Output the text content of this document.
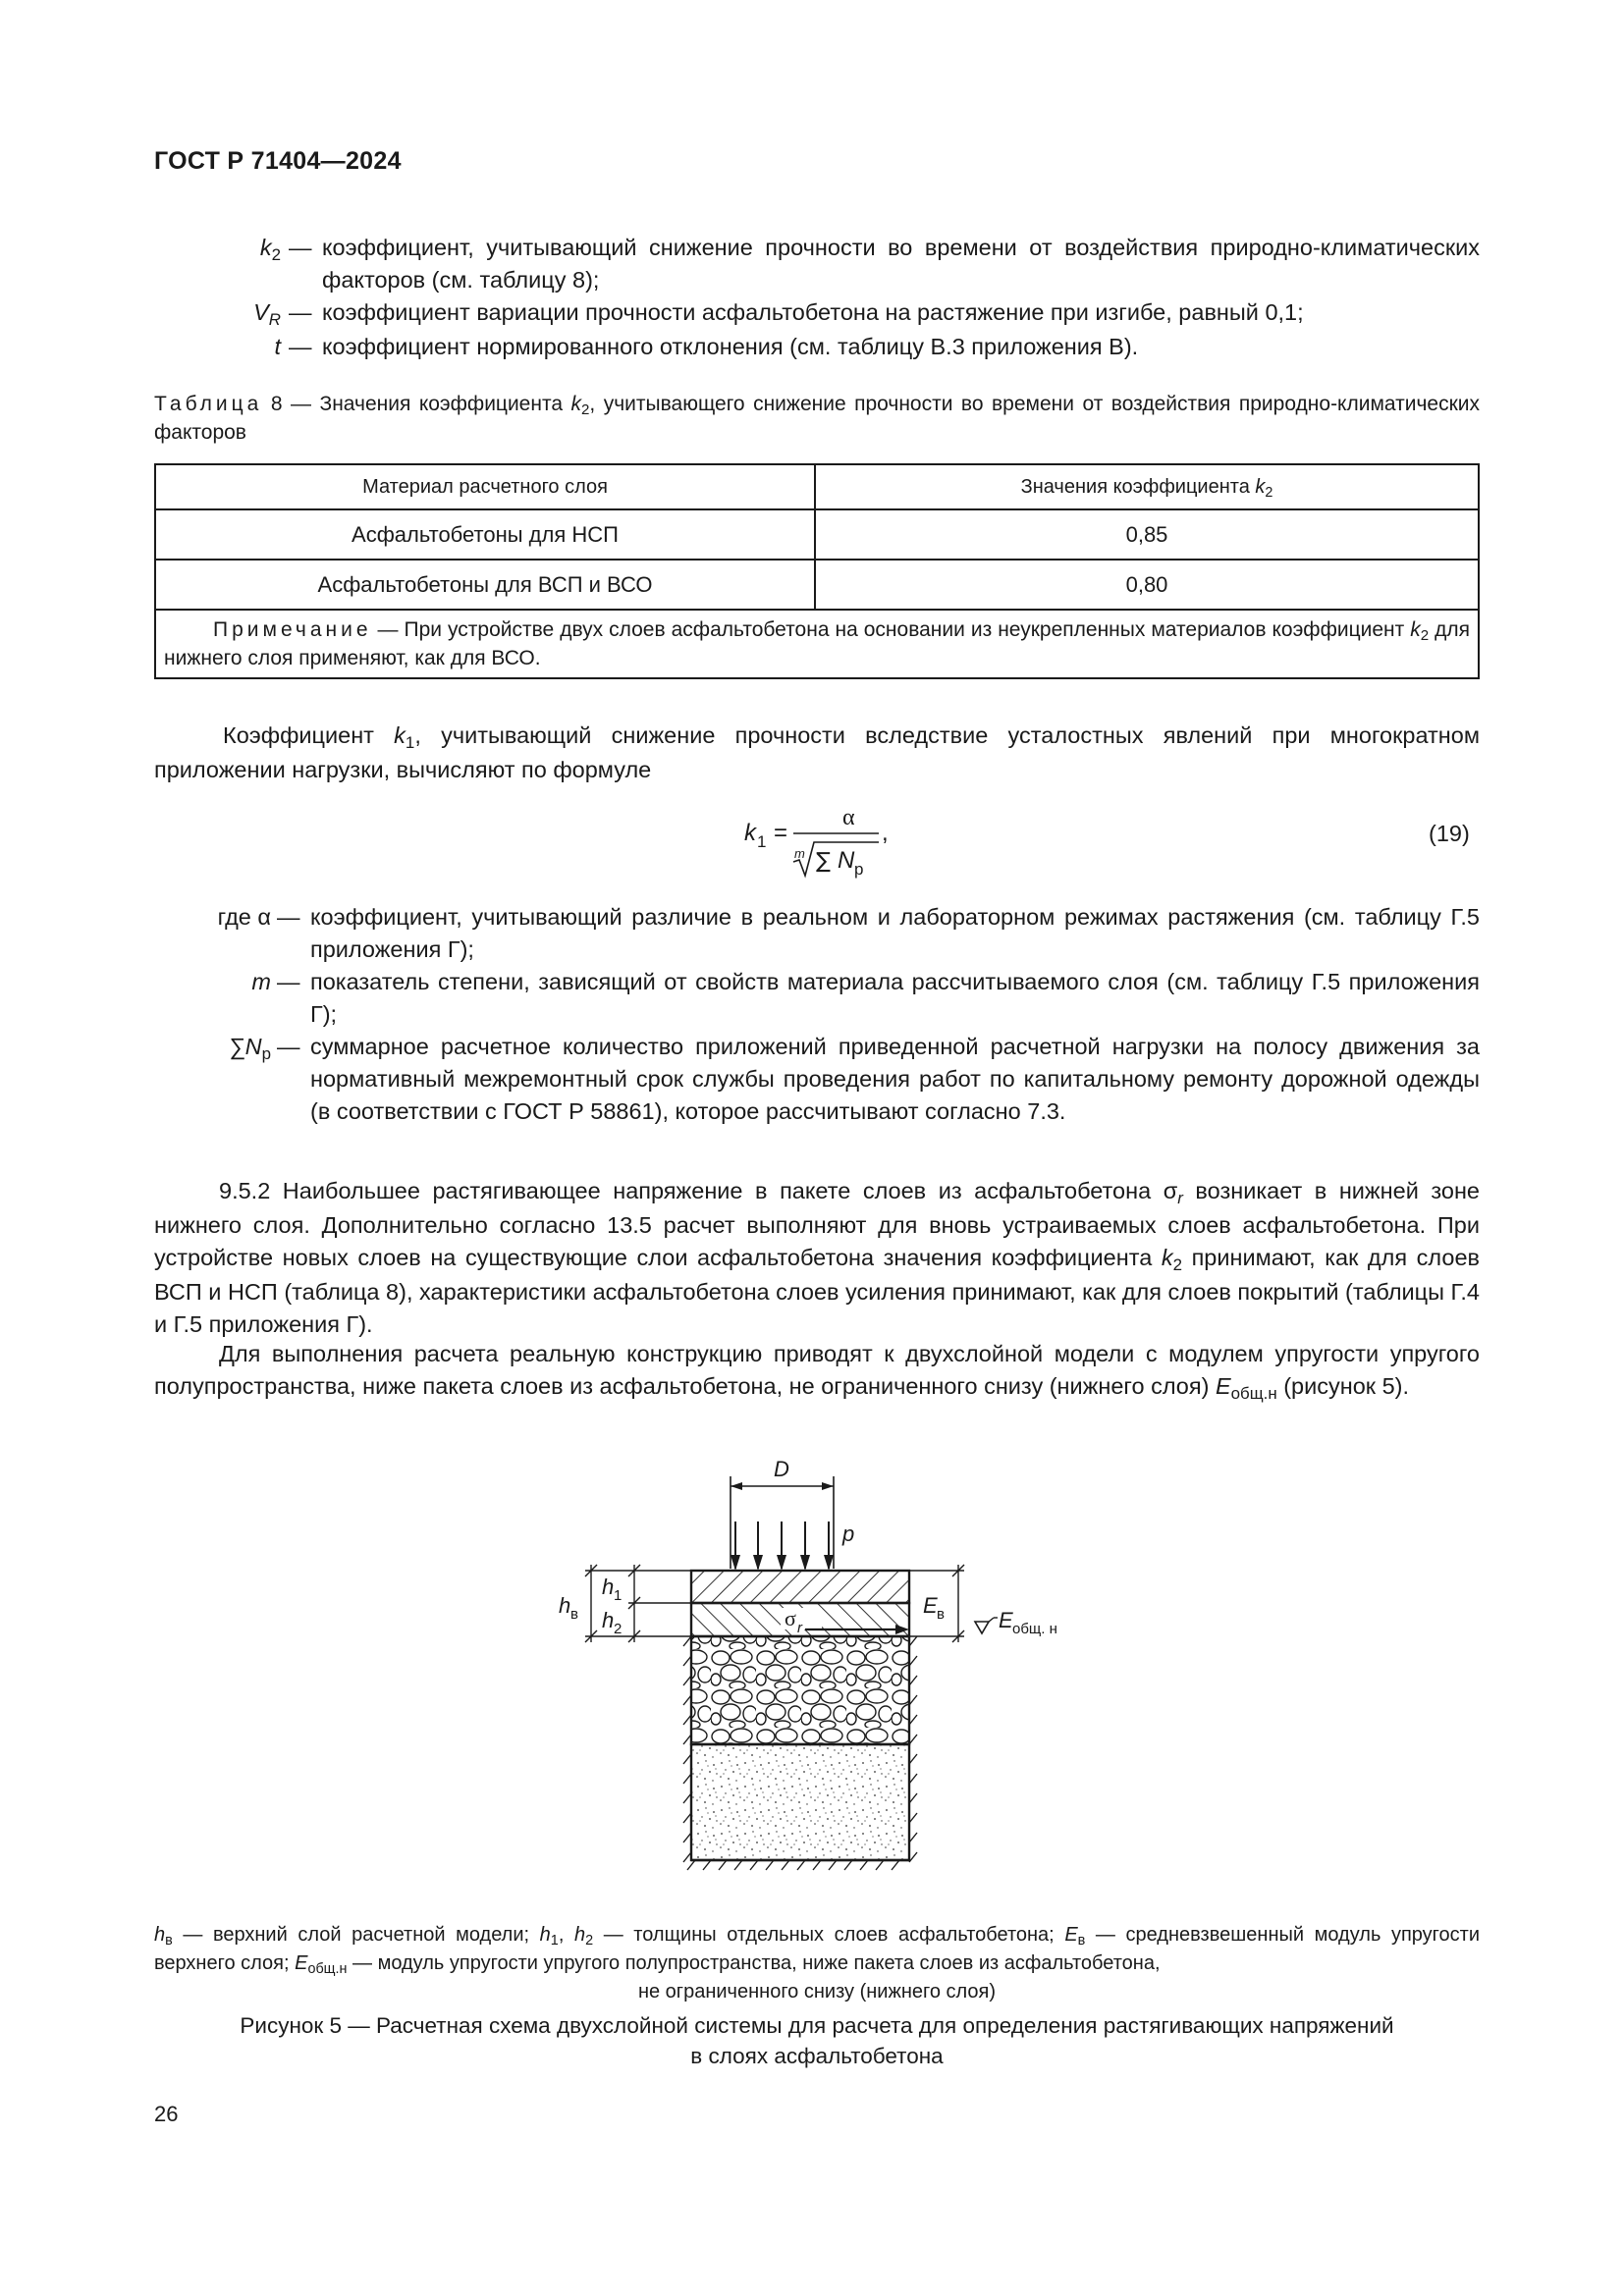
ГОСТ Р 71404—2024
$k_2$ — коэффициент, учитывающий снижение прочности во времени от воздействия природно-климатических факторов (см. таблицу 8);
$V_R$ — коэффициент вариации прочности асфальтобетона на растяжение при изгибе, равный 0,1;
t — коэффициент нормированного отклонения (см. таблицу В.3 приложения В).
Таблица 8 — Значения коэффициента $k_2$, учитывающего снижение прочности во времени от воздействия природно-климатических факторов
Материал расчетного слоя	Значения коэффициента $k_2$
Асфальтобетоны для НСП	0,85
Асфальтобетоны для ВСП и ВСО	0,80
Примечание — При устройстве двух слоев асфальтобетона на основании из неукрепленных материалов коэффициент $k_2$ для нижнего слоя применяют, как для ВСО.	
Коэффициент $k_1$, учитывающий снижение прочности вследствие усталостных явлений при многократном приложении нагрузки, вычисляют по формуле
k 1 =
α
m ∑ N р
,	(19)
где α — коэффициент, учитывающий различие в реальном и лабораторном режимах растяжения (см. таблицу Г.5 приложения Г);
m — показатель степени, зависящий от свойств материала рассчитываемого слоя (см. таблицу Г.5 приложения Г);
$\sum N_р$ — суммарное расчетное количество приложений приведенной расчетной нагрузки на полосу движения за нормативный межремонтный срок службы проведения работ по капитальному ремонту дорожной одежды (в соответствии с ГОСТ Р 58861), которое рассчитывают согласно 7.3.
9.5.2 Наибольшее растягивающее напряжение в пакете слоев из асфальтобетона $\sigma_r$ возникает в нижней зоне нижнего слоя. Дополнительно согласно 13.5 расчет выполняют для вновь устраиваемых слоев асфальтобетона. При устройстве новых слоев на существующие слои асфальтобетона значения коэффициента $k_2$ принимают, как для слоев ВСП и НСП (таблица 8), характеристики асфальтобетона слоев усиления принимают, как для слоев покрытий (таблицы Г.4 и Г.5 приложения Г).
Для выполнения расчета реальную конструкцию приводят к двухслойной модели с модулем упругости упругого полупространства, ниже пакета слоев из асфальтобетона, не ограниченного снизу (нижнего слоя) $E_{общ.н}$ (рисунок 5).
D
p
σ r
h в
h 1
h 2
E в	E общ. н
$h_в$ — верхний слой расчетной модели; $h_1$, $h_2$ — толщины отдельных слоев асфальтобетона; $E_в$ — средневзвешенный модуль упругости верхнего слоя; $E_{общ.н}$ — модуль упругости упругого полупространства, ниже пакета слоев из асфальтобетона,
не ограниченного снизу (нижнего слоя)
Рисунок 5 — Расчетная схема двухслойной системы для расчета для определения растягивающих напряжений
в слоях асфальтобетона
26
